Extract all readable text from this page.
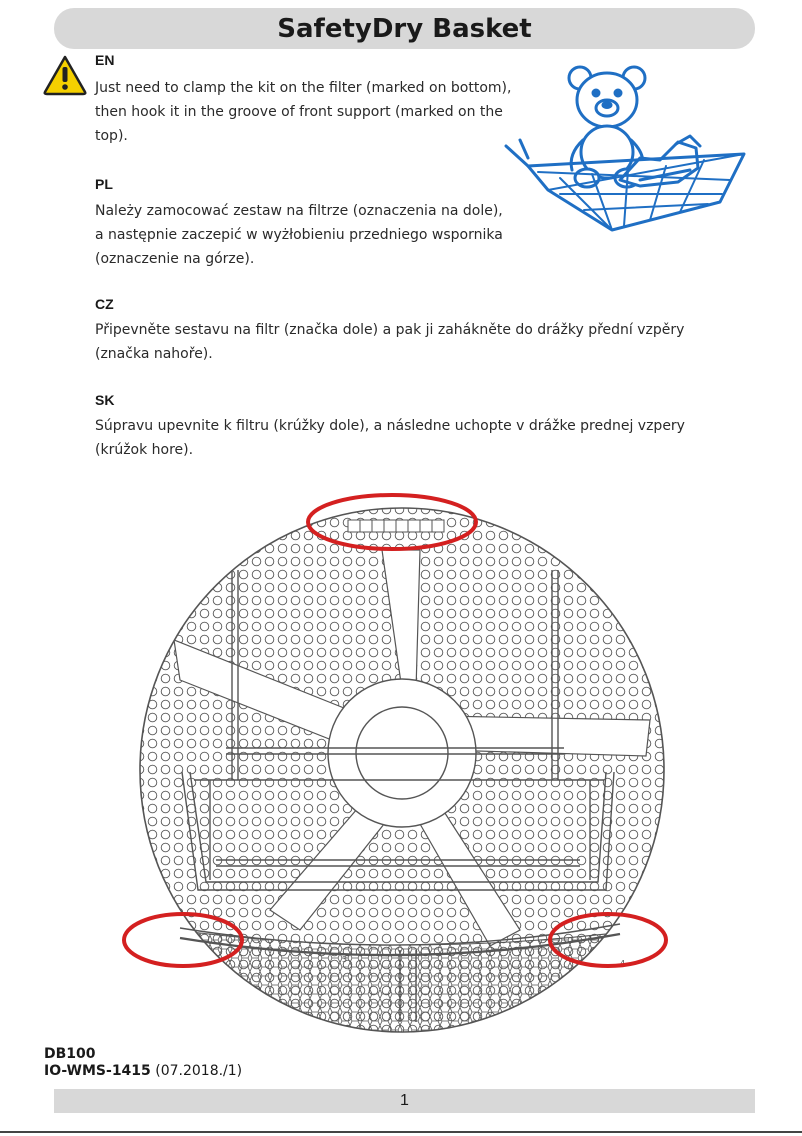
SafetyDry Basket
EN
Just need to clamp the kit on the filter (marked on bottom),
then hook it in the groove of front support (marked on the
top).
PL
Należy zamocować zestaw na filtrze (oznaczenia na dole),
a następnie zaczepić w wyżłobieniu przedniego wspornika
(oznaczenie na górze).
CZ
Připevněte sestavu na filtr (značka dole) a pak ji zahákněte do drážky přední vzpěry
(značka nahoře).
SK
Súpravu upevnite k filtru (krúžky dole), a následne uchopte v drážke prednej vzpery
(krúžok hore).
3	4
DB100
IO-WMS-1415 (07.2018./1)
1
